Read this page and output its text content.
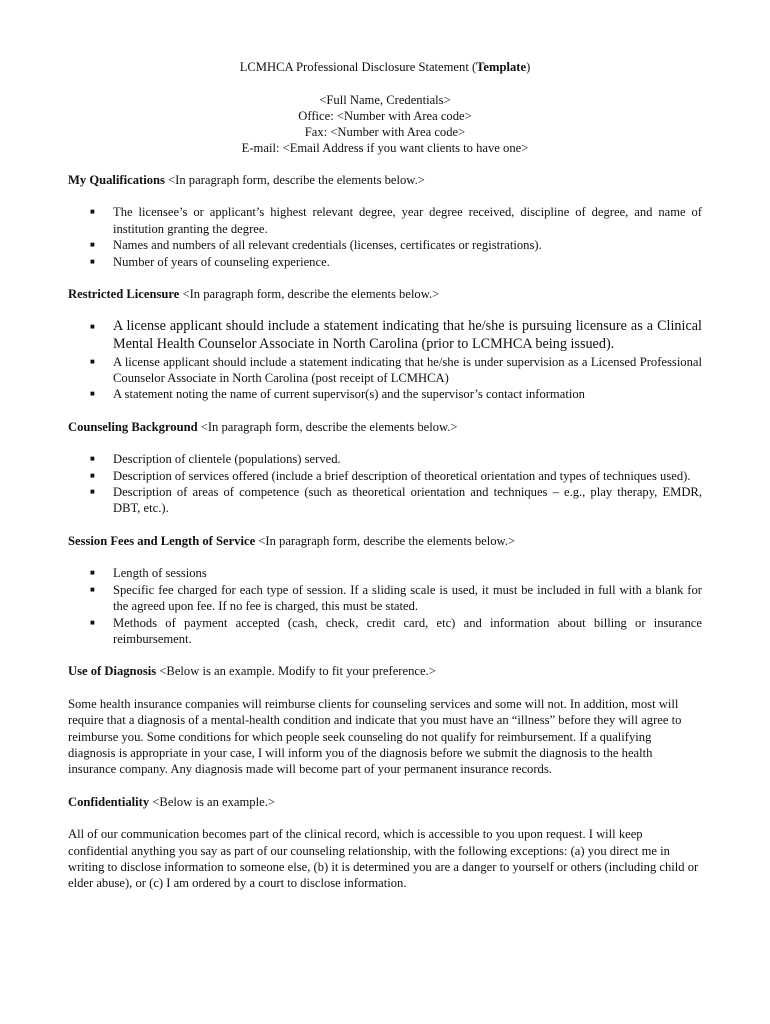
LCMHCA Professional Disclosure Statement (Template)
<Full Name, Credentials>
Office: <Number with Area code>
Fax: <Number with Area code>
E-mail: <Email Address if you want clients to have one>

My Qualifications <In paragraph form, describe the elements below.>

■ The licensee’s or applicant’s highest relevant degree, year degree received, discipline of degree, and name of institution granting the degree.
■ Names and numbers of all relevant credentials (licenses, certificates or registrations).
■ Number of years of counseling experience.

Restricted Licensure <In paragraph form, describe the elements below.>

■ A license applicant should include a statement indicating that he/she is pursuing licensure as a Clinical Mental Health Counselor Associate in North Carolina (prior to LCMHCA being issued).
■ A license applicant should include a statement indicating that he/she is under supervision as a Licensed Professional Counselor Associate in North Carolina (post receipt of LCMHCA)
■ A statement noting the name of current supervisor(s) and the supervisor’s contact information

Counseling Background <In paragraph form, describe the elements below.>

■ Description of clientele (populations) served.
■ Description of services offered (include a brief description of theoretical orientation and types of techniques used).
■ Description of areas of competence (such as theoretical orientation and techniques – e.g., play therapy, EMDR, DBT, etc.).

Session Fees and Length of Service <In paragraph form, describe the elements below.>

■ Length of sessions
■ Specific fee charged for each type of session. If a sliding scale is used, it must be included in full with a blank for the agreed upon fee. If no fee is charged, this must be stated.
■ Methods of payment accepted (cash, check, credit card, etc) and information about billing or insurance reimbursement.

Use of Diagnosis <Below is an example. Modify to fit your preference.>

Some health insurance companies will reimburse clients for counseling services and some will not. In addition, most will require that a diagnosis of a mental-health condition and indicate that you must have an “illness” before they will agree to reimburse you. Some conditions for which people seek counseling do not qualify for reimbursement. If a qualifying diagnosis is appropriate in your case, I will inform you of the diagnosis before we submit the diagnosis to the health insurance company. Any diagnosis made will become part of your permanent insurance records.

Confidentiality <Below is an example.>

All of our communication becomes part of the clinical record, which is accessible to you upon request. I will keep confidential anything you say as part of our counseling relationship, with the following exceptions: (a) you direct me in writing to disclose information to someone else, (b) it is determined you are a danger to yourself or others (including child or elder abuse), or (c) I am ordered by a court to disclose information.
